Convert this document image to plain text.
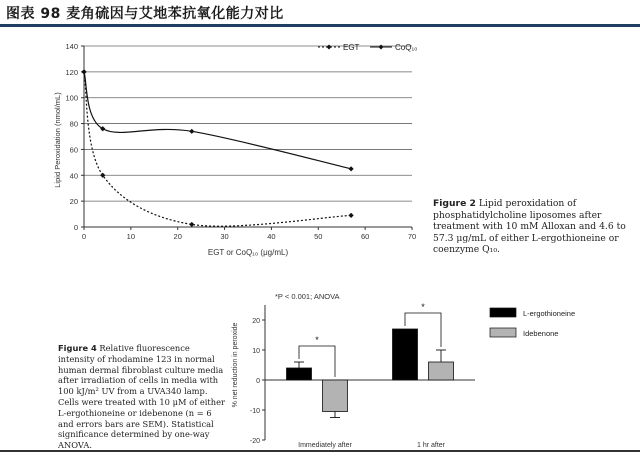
图表 98 麦角硫因与艾地苯抗氧化能力对比
0
20
40
60
80
100
120
140
0	10	20	30	40	50	60	70
EGT	CoQ₁₀
Lipid Peroxidation (nmol/mL)
EGT or CoQ₁₀ (μg/mL)
Figure 2 Lipid peroxidation of phosphatidylcholine liposomes after treatment with 10 mM Alloxan and 4.6 to 57.3 μg/mL of either L-ergothioneine or coenzyme Q₁₀.
-20
-10
0
10
20
Immediately after	1 hr after
*
*
L-ergothioneine
Idebenone
*P < 0.001; ANOVA
% net reduction in peroxide
Figure 4 Relative fluorescence intensity of rhodamine 123 in normal human dermal fibroblast culture media after irradiation of cells in media with 100 kJ/m² UV from a UVA340 lamp. Cells were treated with 10 μM of either L-ergothioneine or idebenone (n = 6 and errors bars are SEM). Statistical significance determined by one-way ANOVA.
